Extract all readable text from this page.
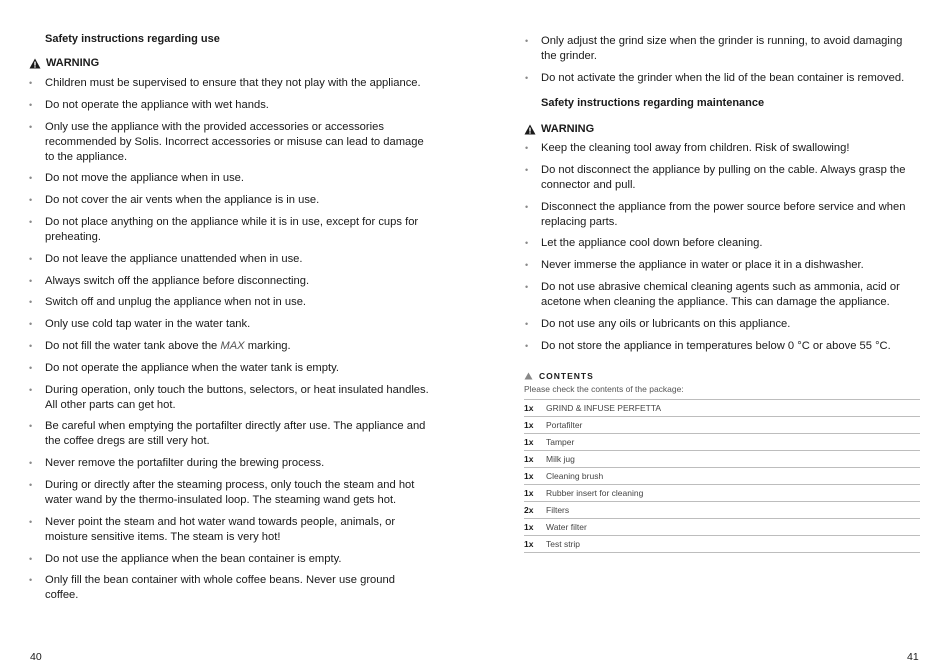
Safety instructions regarding use
WARNING
• Children must be supervised to ensure that they not play with the appliance.
• Do not operate the appliance with wet hands.
• Only use the appliance with the provided accessories or accessories recommended by Solis. Incorrect accessories or misuse can lead to damage to the appliance.
• Do not move the appliance when in use.
• Do not cover the air vents when the appliance is in use.
• Do not place anything on the appliance while it is in use, except for cups for preheating.
• Do not leave the appliance unattended when in use.
• Always switch off the appliance before disconnecting.
• Switch off and unplug the appliance when not in use.
• Only use cold tap water in the water tank.
• Do not fill the water tank above the MAX marking.
• Do not operate the appliance when the water tank is empty.
• During operation, only touch the buttons, selectors, or heat insulated handles. All other parts can get hot.
• Be careful when emptying the portafilter directly after use. The appliance and the coffee dregs are still very hot.
• Never remove the portafilter during the brewing process.
• During or directly after the steaming process, only touch the steam and hot water wand by the thermo-insulated loop. The steaming wand gets hot.
• Never point the steam and hot water wand towards people, animals, or moisture sensitive items. The steam is very hot!
• Do not use the appliance when the bean container is empty.
• Only fill the bean container with whole coffee beans. Never use ground coffee.
40
• Only adjust the grind size when the grinder is running, to avoid damaging the grinder.
• Do not activate the grinder when the lid of the bean container is removed.
Safety instructions regarding maintenance
WARNING
• Keep the cleaning tool away from children. Risk of swallowing!
• Do not disconnect the appliance by pulling on the cable. Always grasp the connector and pull.
• Disconnect the appliance from the power source before service and when replacing parts.
• Let the appliance cool down before cleaning.
• Never immerse the appliance in water or place it in a dishwasher.
• Do not use abrasive chemical cleaning agents such as ammonia, acid or acetone when cleaning the appliance. This can damage the appliance.
• Do not use any oils or lubricants on this appliance.
• Do not store the appliance in temperatures below 0 °C or above 55 °C.
CONTENTS
Please check the contents of the package:
1x	GRIND & INFUSE PERFETTA
1x	Portafilter
1x	Tamper
1x	Milk jug
1x	Cleaning brush
1x	Rubber insert for cleaning
2x	Filters
1x	Water filter
1x	Test strip
41
